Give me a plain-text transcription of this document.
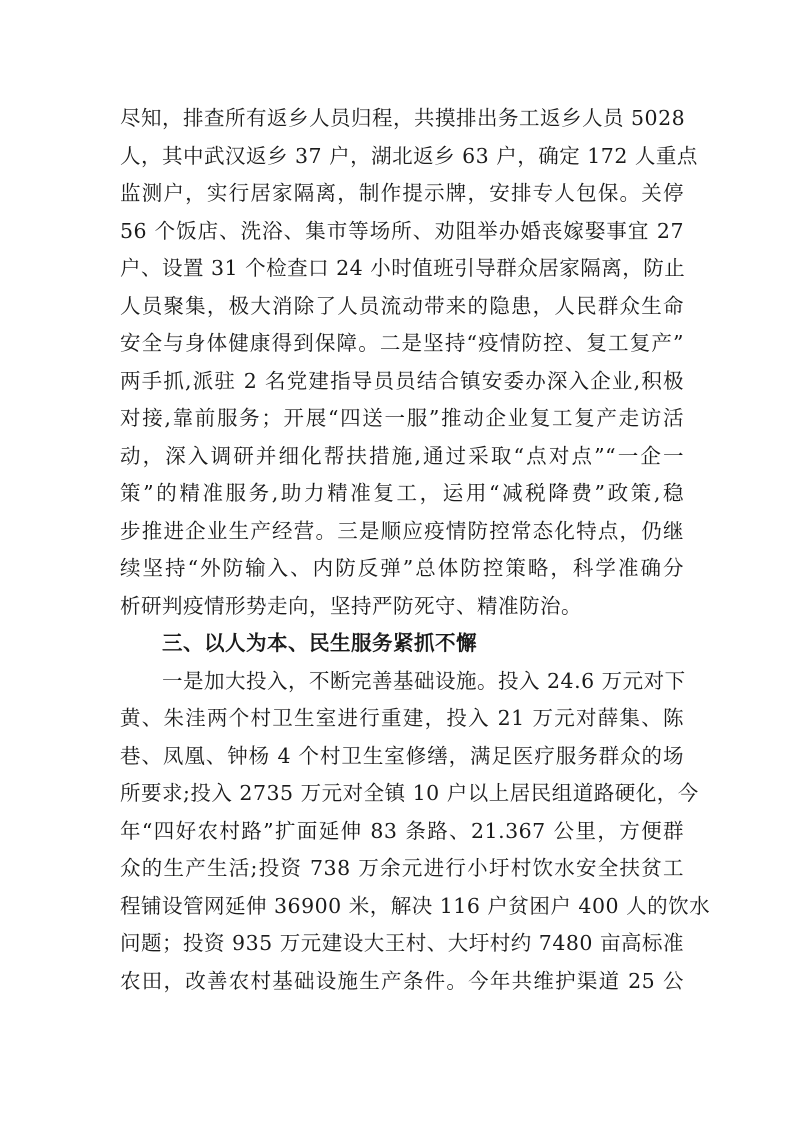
尽知，排查所有返乡人员归程，共摸排出务工返乡人员 5028
人，其中武汉返乡 37 户，湖北返乡 63 户，确定 172 人重点
监测户，实行居家隔离，制作提示牌，安排专人包保。关停
56 个饭店、洗浴、集市等场所、劝阻举办婚丧嫁娶事宜 27
户、设置 31 个检查口 24 小时值班引导群众居家隔离，防止
人员聚集，极大消除了人员流动带来的隐患，人民群众生命
安全与身体健康得到保障。二是坚持“疫情防控、复工复产”
两手抓,派驻 2 名党建指导员员结合镇安委办深入企业,积极
对接,靠前服务；开展“四送一服”推动企业复工复产走访活
动，深入调研并细化帮扶措施,通过采取“点对点”“一企一
策”的精准服务,助力精准复工，运用“减税降费”政策,稳
步推进企业生产经营。三是顺应疫情防控常态化特点，仍继
续坚持“外防输入、内防反弹”总体防控策略，科学准确分
析研判疫情形势走向，坚持严防死守、精准防治。
三、以人为本、民生服务紧抓不懈
一是加大投入，不断完善基础设施。投入 24.6 万元对下
黄、朱洼两个村卫生室进行重建，投入 21 万元对薛集、陈
巷、凤凰、钟杨 4 个村卫生室修缮，满足医疗服务群众的场
所要求;投入 2735 万元对全镇 10 户以上居民组道路硬化，今
年“四好农村路”扩面延伸 83 条路、21.367 公里，方便群
众的生产生活;投资 738 万余元进行小圩村饮水安全扶贫工
程铺设管网延伸 36900 米，解决 116 户贫困户 400 人的饮水
问题；投资 935 万元建设大王村、大圩村约 7480 亩高标准
农田，改善农村基础设施生产条件。今年共维护渠道 25 公
